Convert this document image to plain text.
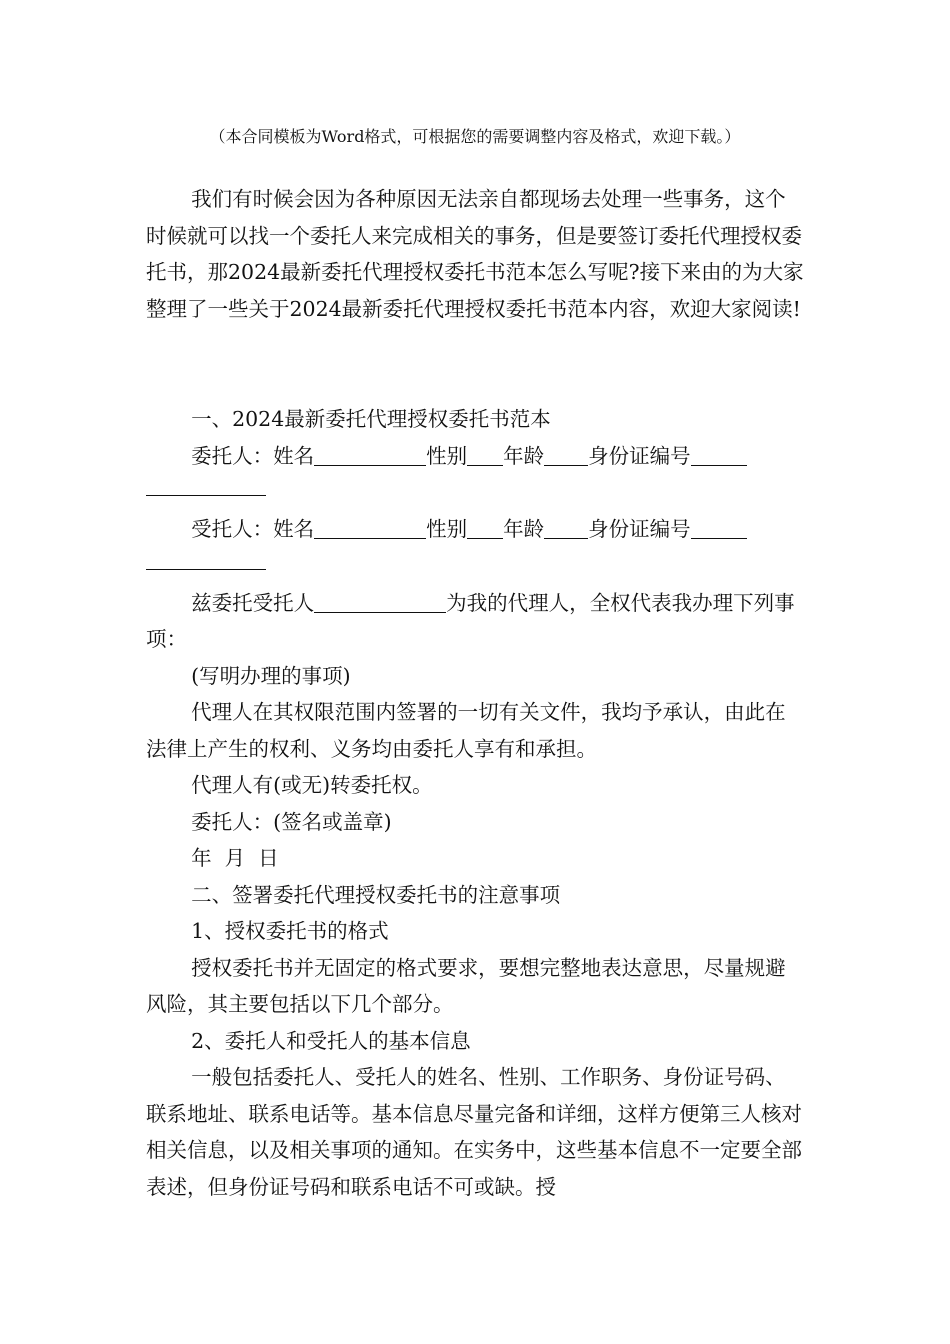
（本合同模板为Word格式，可根据您的需要调整内容及格式，欢迎下载。）

我们有时候会因为各种原因无法亲自都现场去处理一些事务，这个时候就可以找一个委托人来完成相关的事务，但是要签订委托代理授权委托书，那2024最新委托代理授权委托书范本怎么写呢?接下来由的为大家整理了一些关于2024最新委托代理授权委托书范本内容，欢迎大家阅读!

一、2024最新委托代理授权委托书范本

委托人：姓名	性别 年龄 身份证编号

受托人：姓名	性别 年龄 身份证编号

兹委托受托人	为我的代理人，全权代表我办理下列事项：

(写明办理的事项)

代理人在其权限范围内签署的一切有关文件，我均予承认，由此在法律上产生的权利、义务均由委托人享有和承担。

代理人有(或无)转委托权。

委托人：(签名或盖章)

年  月  日

二、签署委托代理授权委托书的注意事项

1、授权委托书的格式

授权委托书并无固定的格式要求，要想完整地表达意思，尽量规避风险，其主要包括以下几个部分。

2、委托人和受托人的基本信息

一般包括委托人、受托人的姓名、性别、工作职务、身份证号码、联系地址、联系电话等。基本信息尽量完备和详细，这样方便第三人核对相关信息，以及相关事项的通知。在实务中，这些基本信息不一定要全部表述，但身份证号码和联系电话不可或缺。授
